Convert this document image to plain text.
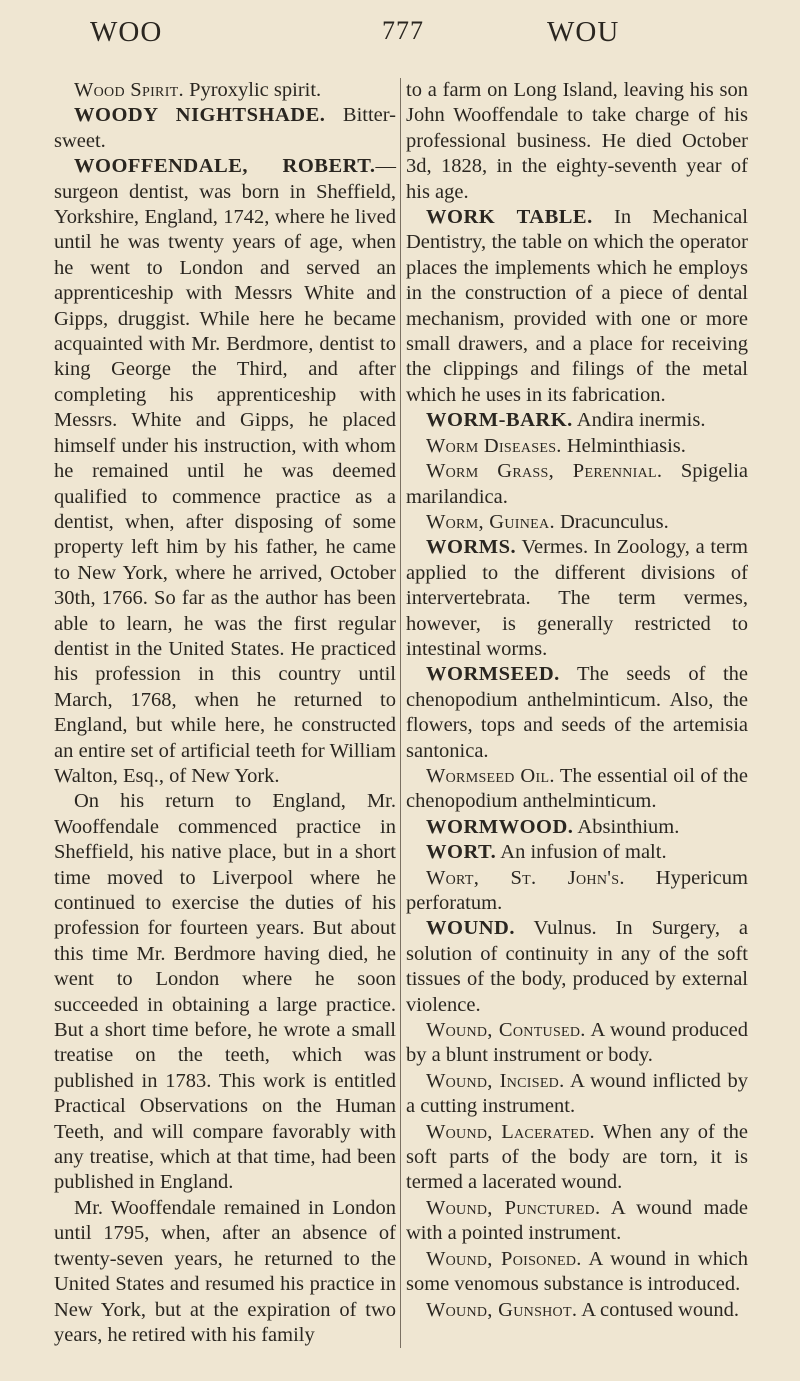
WOO	777	WOU

Wood Spirit. Pyroxylic spirit.

WOODY NIGHTSHADE. Bitter-sweet.

WOOFFENDALE, ROBERT.— surgeon dentist, was born in Sheffield, Yorkshire, England, 1742, where he lived until he was twenty years of age, when he went to London and served an apprenticeship with Messrs White and Gipps, druggist. While here he became acquainted with Mr. Berdmore, dentist to king George the Third, and after completing his apprenticeship with Messrs. White and Gipps, he placed himself under his instruction, with whom he remained until he was deemed qualified to commence practice as a dentist, when, after disposing of some property left him by his father, he came to New York, where he arrived, October 30th, 1766. So far as the author has been able to learn, he was the first regular dentist in the United States. He practiced his profession in this country until March, 1768, when he returned to England, but while here, he constructed an entire set of artificial teeth for William Walton, Esq., of New York.

On his return to England, Mr. Wooffendale commenced practice in Sheffield, his native place, but in a short time moved to Liverpool where he continued to exercise the duties of his profession for fourteen years. But about this time Mr. Berdmore having died, he went to London where he soon succeeded in obtaining a large practice. But a short time before, he wrote a small treatise on the teeth, which was published in 1783. This work is entitled Practical Observations on the Human Teeth, and will compare favorably with any treatise, which at that time, had been published in England.

Mr. Wooffendale remained in London until 1795, when, after an absence of twenty-seven years, he returned to the United States and resumed his practice in New York, but at the expiration of two years, he retired with his family

to a farm on Long Island, leaving his son John Wooffendale to take charge of his professional business. He died October 3d, 1828, in the eighty-seventh year of his age.

WORK TABLE. In Mechanical Dentistry, the table on which the operator places the implements which he employs in the construction of a piece of dental mechanism, provided with one or more small drawers, and a place for receiving the clippings and filings of the metal which he uses in its fabrication.

WORM-BARK. Andira inermis.

Worm Diseases. Helminthiasis.

Worm Grass, Perennial. Spigelia marilandica.

Worm, Guinea. Dracunculus.

WORMS. Vermes. In Zoology, a term applied to the different divisions of intervertebrata. The term vermes, however, is generally restricted to intestinal worms.

WORMSEED. The seeds of the chenopodium anthelminticum. Also, the flowers, tops and seeds of the artemisia santonica.

Wormseed Oil. The essential oil of the chenopodium anthelminticum.

WORMWOOD. Absinthium.

WORT. An infusion of malt.

Wort, St. John's. Hypericum perforatum.

WOUND. Vulnus. In Surgery, a solution of continuity in any of the soft tissues of the body, produced by external violence.

Wound, Contused. A wound produced by a blunt instrument or body.

Wound, Incised. A wound inflicted by a cutting instrument.

Wound, Lacerated. When any of the soft parts of the body are torn, it is termed a lacerated wound.

Wound, Punctured. A wound made with a pointed instrument.

Wound, Poisoned. A wound in which some venomous substance is introduced.

Wound, Gunshot. A contused wound.
